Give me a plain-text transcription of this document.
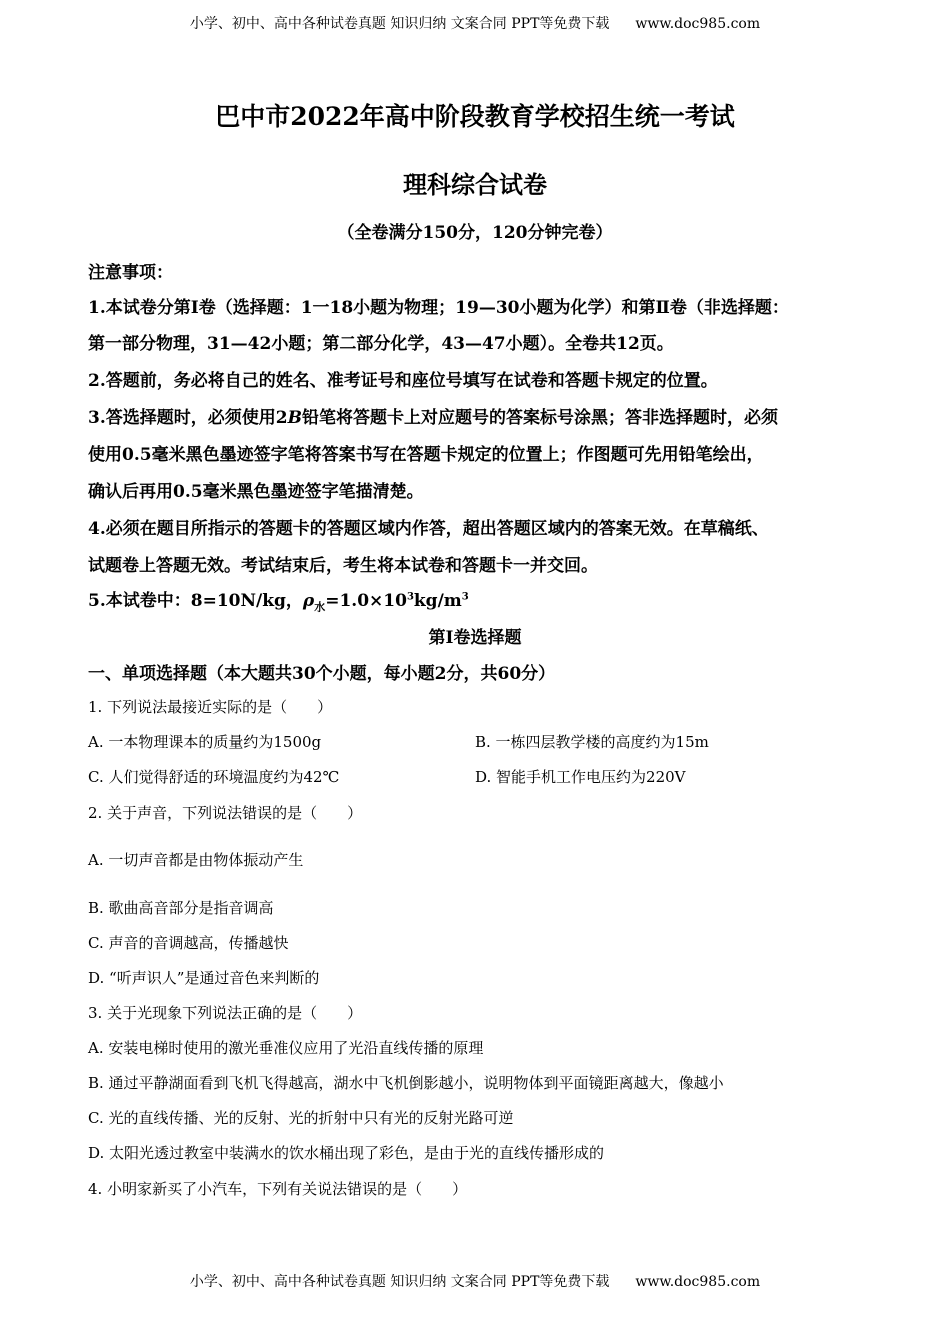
小学、初中、高中各种试卷真题 知识归纳 文案合同 PPT等免费下载 www.doc985.com
巴中市2022年高中阶段教育学校招生统一考试
理科综合试卷
（全卷满分150分，120分钟完卷）
注意事项：
1.本试卷分第I卷（选择题：1一18小题为物理；19—30小题为化学）和第Ⅱ卷（非选择题：
第一部分物理，31—42小题；第二部分化学，43—47小题）。全卷共12页。
2.答题前，务必将自己的姓名、准考证号和座位号填写在试卷和答题卡规定的位置。
3.答选择题时，必须使用2B铅笔将答题卡上对应题号的答案标号涂黑；答非选择题时，必须
使用0.5毫米黑色墨迹签字笔将答案书写在答题卡规定的位置上；作图题可先用铅笔绘出，
确认后再用0.5毫米黑色墨迹签字笔描清楚。
4.必须在题目所指示的答题卡的答题区域内作答，超出答题区域内的答案无效。在草稿纸、
试题卷上答题无效。考试结束后，考生将本试卷和答题卡一并交回。
5.本试卷中：8=10N/kg，$\rho_水=1.0\times 10^3kg/m^3$
第I卷选择题
一、单项选择题（本大题共30个小题，每小题2分，共60分）
1. 下列说法最接近实际的是（　　）
A. 一本物理课本的质量约为1500g	B. 一栋四层教学楼的高度约为15m
C. 人们觉得舒适的环境温度约为42℃	D. 智能手机工作电压约为220V
2. 关于声音，下列说法错误的是（　　）
A. 一切声音都是由物体振动产生
B. 歌曲高音部分是指音调高
C. 声音的音调越高，传播越快
D. “听声识人”是通过音色来判断的
3. 关于光现象下列说法正确的是（　　）
A. 安装电梯时使用的激光垂准仪应用了光沿直线传播的原理
B. 通过平静湖面看到飞机飞得越高，湖水中飞机倒影越小，说明物体到平面镜距离越大，像越小
C. 光的直线传播、光的反射、光的折射中只有光的反射光路可逆
D. 太阳光透过教室中装满水的饮水桶出现了彩色，是由于光的直线传播形成的
4. 小明家新买了小汽车，下列有关说法错误的是（　　）
小学、初中、高中各种试卷真题 知识归纳 文案合同 PPT等免费下载 www.doc985.com
